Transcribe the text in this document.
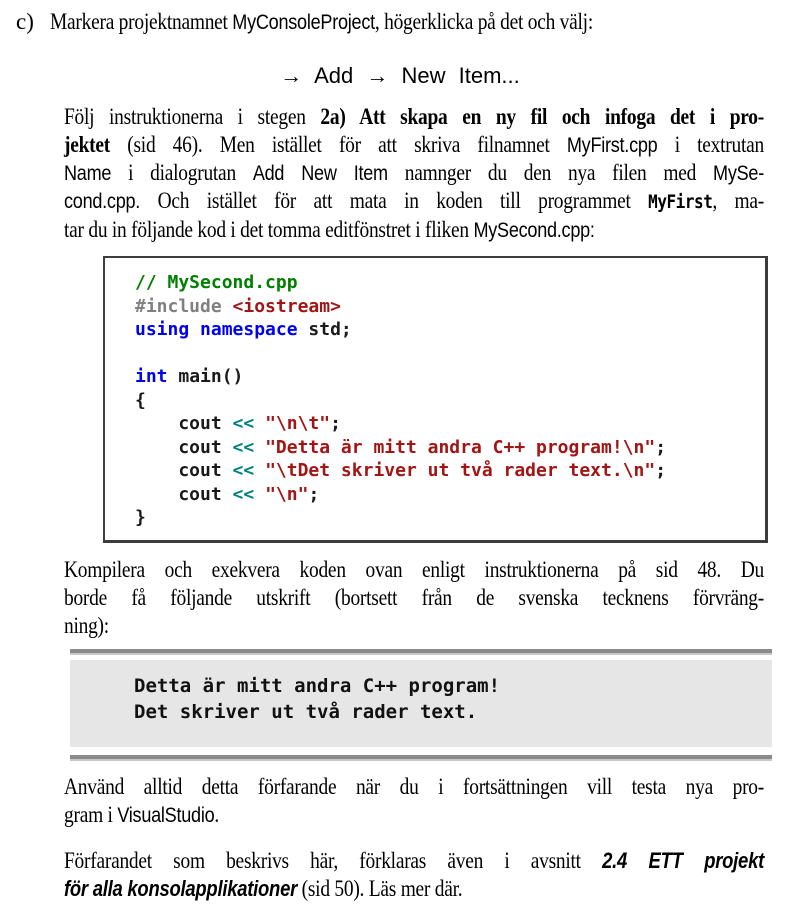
c) Markera projektnamnet MyConsoleProject, högerklicka på det och välj:
→ Add → New Item...
Följ instruktionerna i stegen 2a) Att skapa en ny fil och infoga det i pro-
jektet (sid 46). Men istället för att skriva filnamnet MyFirst.cpp i textrutan
Name i dialogrutan Add New Item namnger du den nya filen med MySe-
cond.cpp. Och istället för att mata in koden till programmet MyFirst, ma-
tar du in följande kod i det tomma editfönstret i fliken MySecond.cpp:
// MySecond.cpp
#include <iostream>
using namespace std;

int main()
{
cout << "\n\t";
cout << "Detta är mitt andra C++ program!\n";
cout << "\tDet skriver ut två rader text.\n";
cout << "\n";
}
Kompilera och exekvera koden ovan enligt instruktionerna på sid 48. Du
borde få följande utskrift (bortsett från de svenska tecknens förvräng-
ning):
Detta är mitt andra C++ program!
Det skriver ut två rader text.
Använd alltid detta förfarande när du i fortsättningen vill testa nya pro-
gram i VisualStudio.
Förfarandet som beskrivs här, förklaras även i avsnitt 2.4 ETT projekt
för alla konsolapplikationer (sid 50). Läs mer där.
